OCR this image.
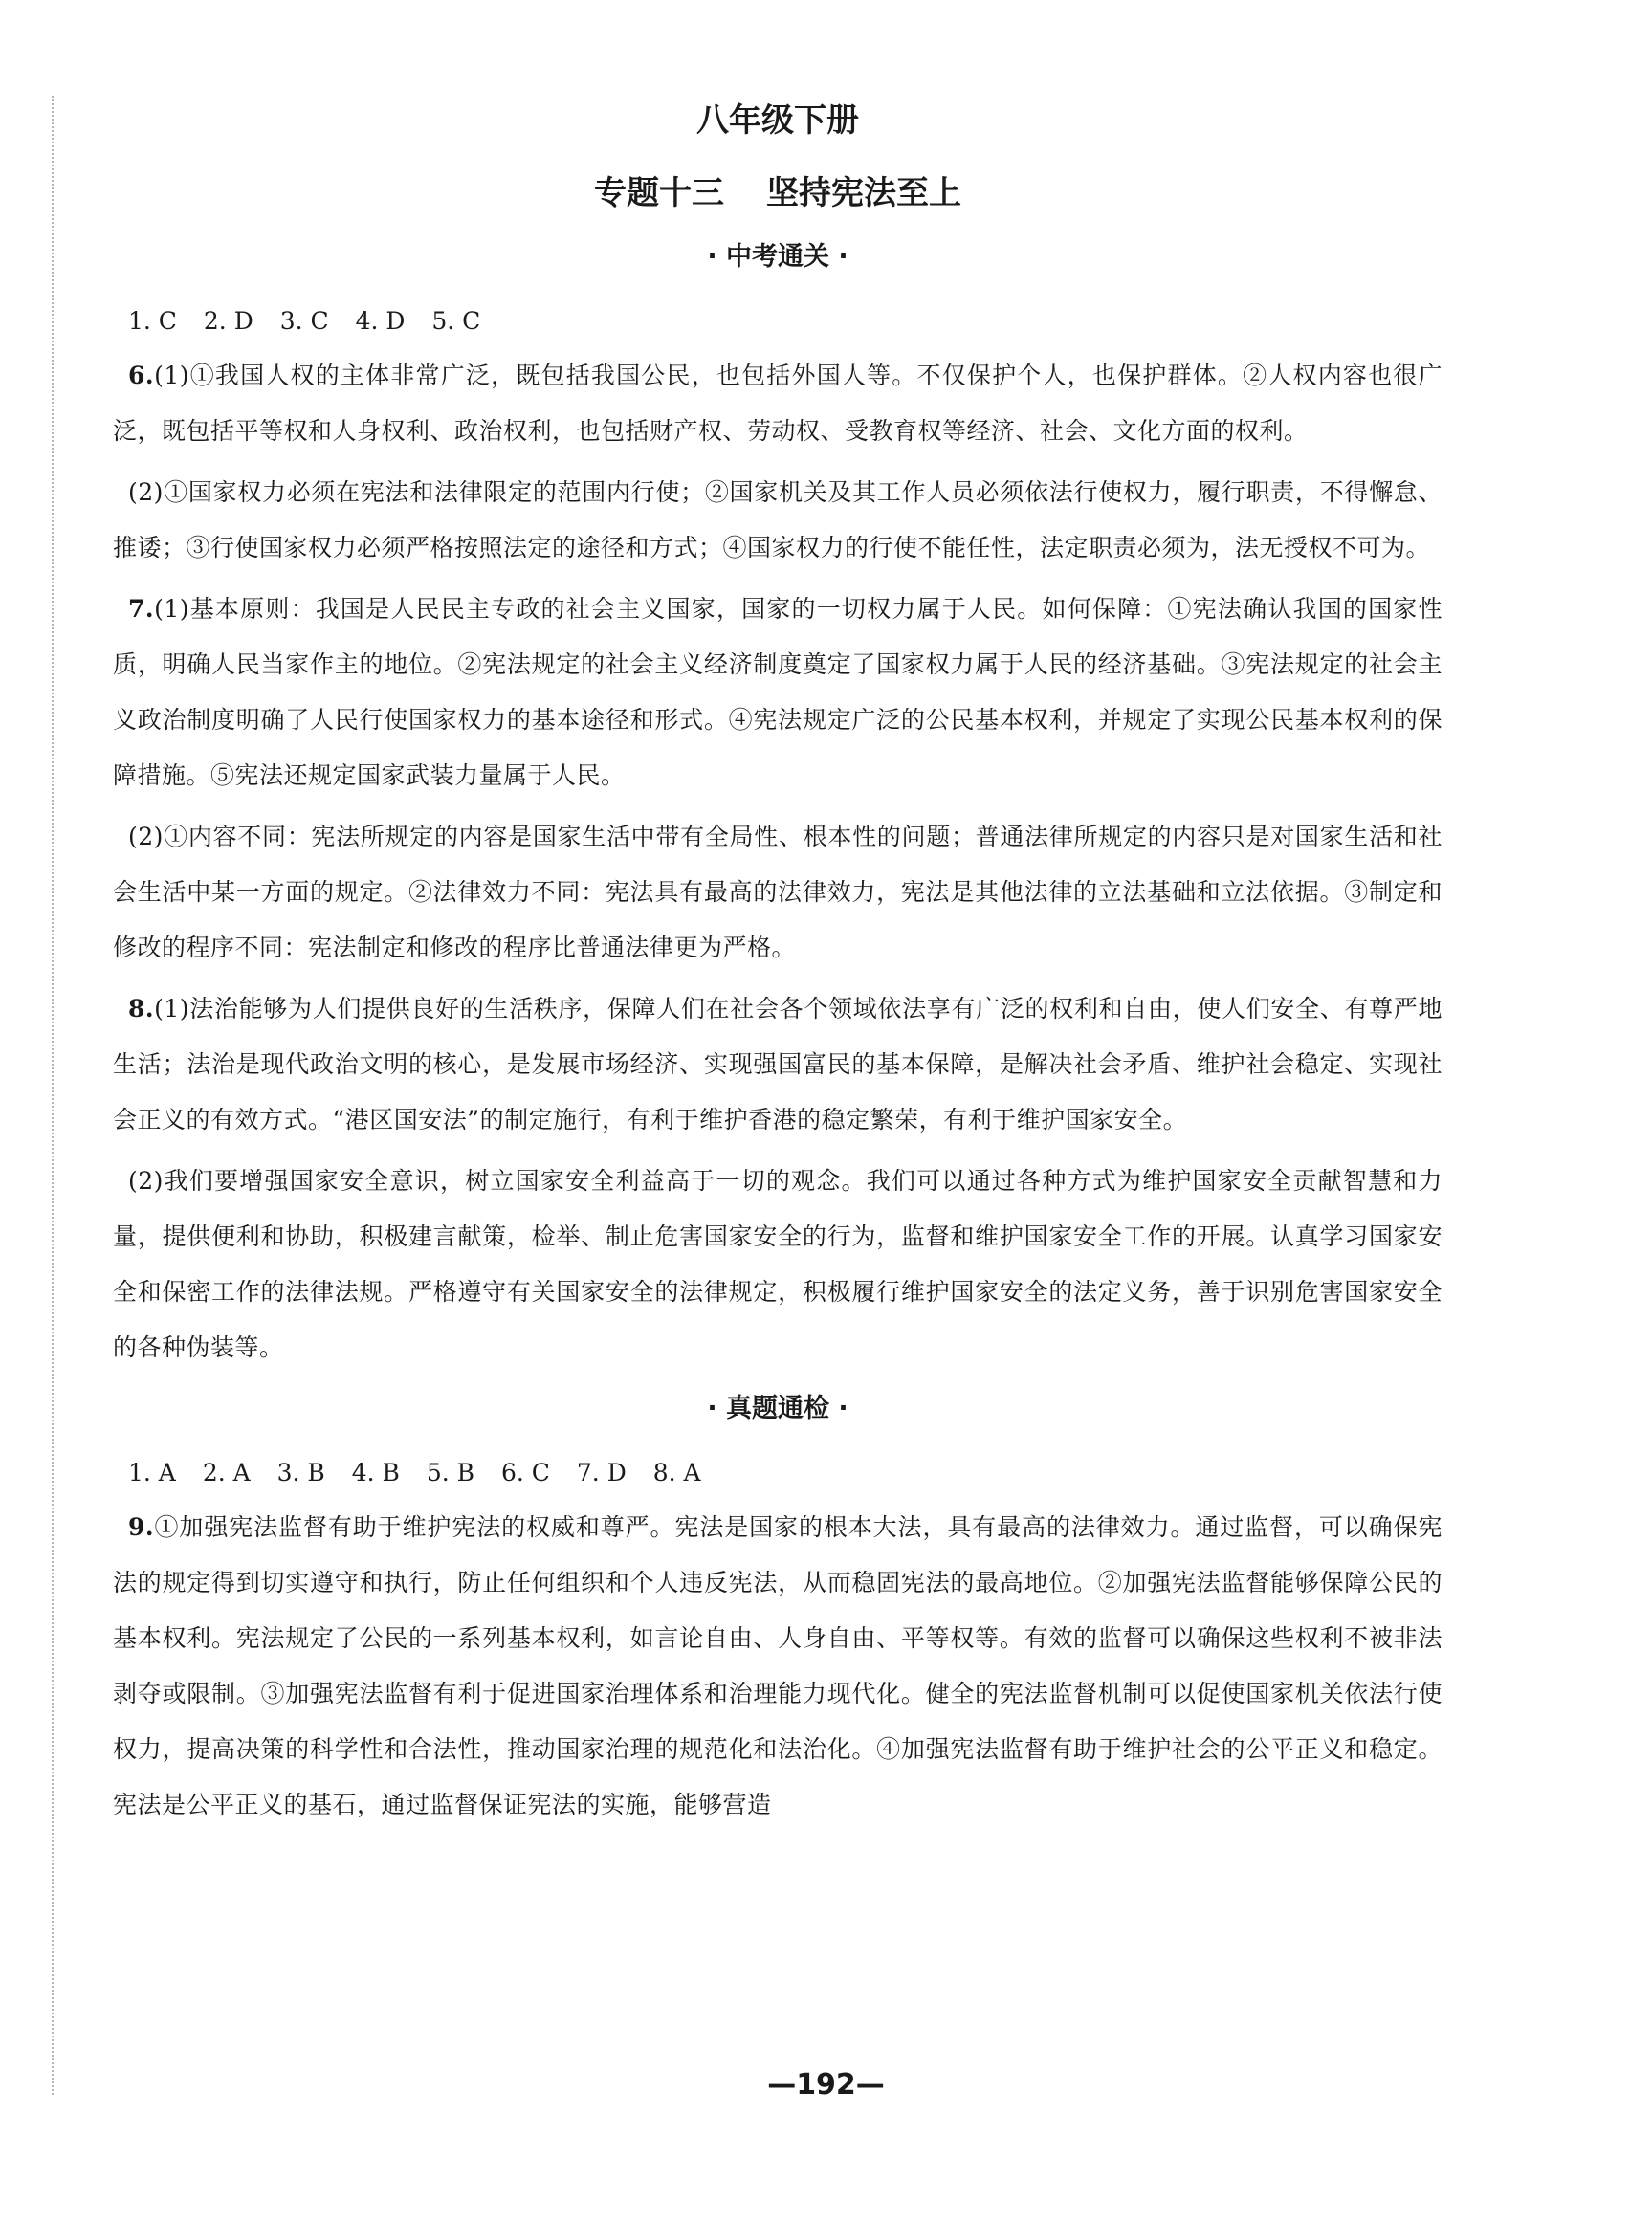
八年级下册
专题十三 坚持宪法至上
· 中考通关 ·
1. C 2. D 3. C 4. D 5. C

6.(1)①我国人权的主体非常广泛，既包括我国公民，也包括外国人等。不仅保护个人，也保护群体。②人权内容也很广泛，既包括平等权和人身权利、政治权利，也包括财产权、劳动权、受教育权等经济、社会、文化方面的权利。

(2)①国家权力必须在宪法和法律限定的范围内行使；②国家机关及其工作人员必须依法行使权力，履行职责，不得懈怠、推诿；③行使国家权力必须严格按照法定的途径和方式；④国家权力的行使不能任性，法定职责必须为，法无授权不可为。

7.(1)基本原则：我国是人民民主专政的社会主义国家，国家的一切权力属于人民。如何保障：①宪法确认我国的国家性质，明确人民当家作主的地位。②宪法规定的社会主义经济制度奠定了国家权力属于人民的经济基础。③宪法规定的社会主义政治制度明确了人民行使国家权力的基本途径和形式。④宪法规定广泛的公民基本权利，并规定了实现公民基本权利的保障措施。⑤宪法还规定国家武装力量属于人民。

(2)①内容不同：宪法所规定的内容是国家生活中带有全局性、根本性的问题；普通法律所规定的内容只是对国家生活和社会生活中某一方面的规定。②法律效力不同：宪法具有最高的法律效力，宪法是其他法律的立法基础和立法依据。③制定和修改的程序不同：宪法制定和修改的程序比普通法律更为严格。

8.(1)法治能够为人们提供良好的生活秩序，保障人们在社会各个领域依法享有广泛的权利和自由，使人们安全、有尊严地生活；法治是现代政治文明的核心，是发展市场经济、实现强国富民的基本保障，是解决社会矛盾、维护社会稳定、实现社会正义的有效方式。“港区国安法”的制定施行，有利于维护香港的稳定繁荣，有利于维护国家安全。

(2)我们要增强国家安全意识，树立国家安全利益高于一切的观念。我们可以通过各种方式为维护国家安全贡献智慧和力量，提供便利和协助，积极建言献策，检举、制止危害国家安全的行为，监督和维护国家安全工作的开展。认真学习国家安全和保密工作的法律法规。严格遵守有关国家安全的法律规定，积极履行维护国家安全的法定义务，善于识别危害国家安全的各种伪装等。

· 真题通检 ·
1. A 2. A 3. B 4. B 5. B 6. C 7. D 8. A

9.①加强宪法监督有助于维护宪法的权威和尊严。宪法是国家的根本大法，具有最高的法律效力。通过监督，可以确保宪法的规定得到切实遵守和执行，防止任何组织和个人违反宪法，从而稳固宪法的最高地位。②加强宪法监督能够保障公民的基本权利。宪法规定了公民的一系列基本权利，如言论自由、人身自由、平等权等。有效的监督可以确保这些权利不被非法剥夺或限制。③加强宪法监督有利于促进国家治理体系和治理能力现代化。健全的宪法监督机制可以促使国家机关依法行使权力，提高决策的科学性和合法性，推动国家治理的规范化和法治化。④加强宪法监督有助于维护社会的公平正义和稳定。宪法是公平正义的基石，通过监督保证宪法的实施，能够营造

—192—
